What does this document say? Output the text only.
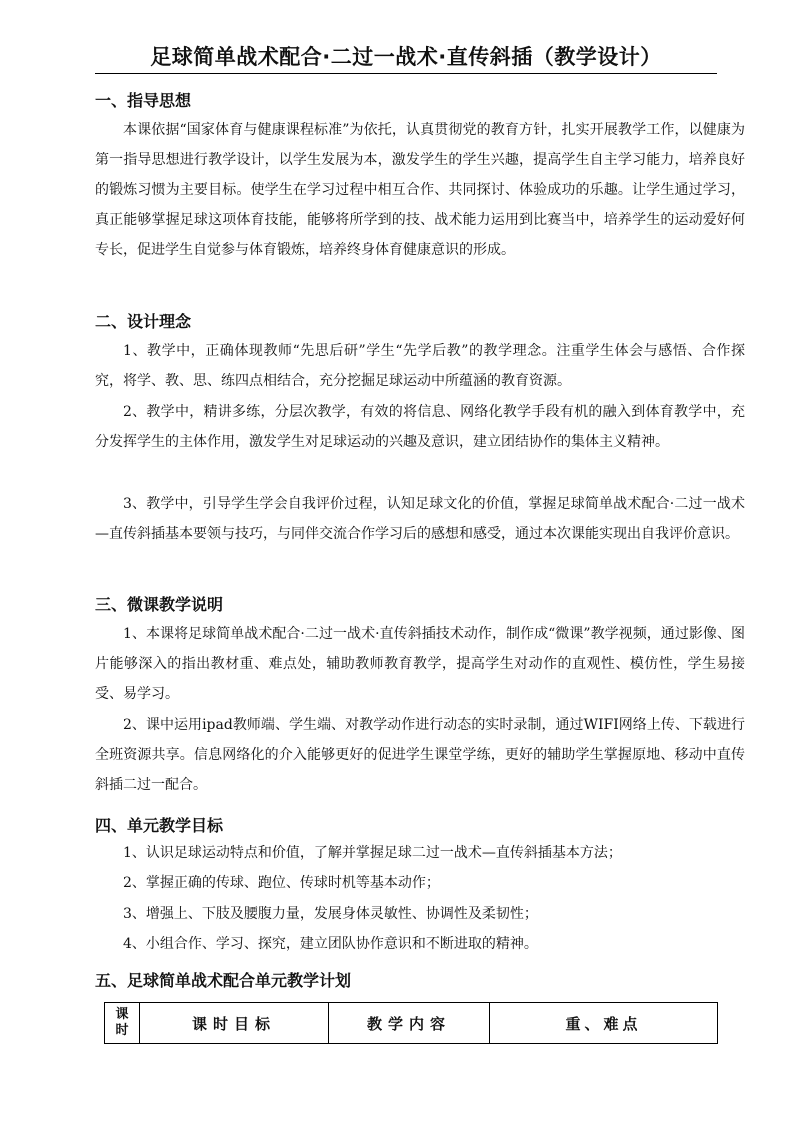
足球简单战术配合·二过一战术·直传斜插（教学设计）
一、指导思想
本课依据“国家体育与健康课程标准”为依托，认真贯彻党的教育方针，扎实开展教学工作，以健康为第一指导思想进行教学设计，以学生发展为本，激发学生的学生兴趣，提高学生自主学习能力，培养良好的锻炼习惯为主要目标。使学生在学习过程中相互合作、共同探讨、体验成功的乐趣。让学生通过学习，真正能够掌握足球这项体育技能，能够将所学到的技、战术能力运用到比赛当中，培养学生的运动爱好何专长，促进学生自觉参与体育锻炼，培养终身体育健康意识的形成。
二、设计理念
1、教学中，正确体现教师“先思后研”学生“先学后教”的教学理念。注重学生体会与感悟、合作探究，将学、教、思、练四点相结合，充分挖掘足球运动中所蕴涵的教育资源。
2、教学中，精讲多练，分层次教学，有效的将信息、网络化教学手段有机的融入到体育教学中，充分发挥学生的主体作用，激发学生对足球运动的兴趣及意识，建立团结协作的集体主义精神。
3、教学中，引导学生学会自我评价过程，认知足球文化的价值，掌握足球简单战术配合·二过一战术—直传斜插基本要领与技巧，与同伴交流合作学习后的感想和感受，通过本次课能实现出自我评价意识。
三、微课教学说明
1、本课将足球简单战术配合·二过一战术·直传斜插技术动作，制作成“微课”教学视频，通过影像、图片能够深入的指出教材重、难点处，辅助教师教育教学，提高学生对动作的直观性、模仿性，学生易接受、易学习。
2、课中运用ipad教师端、学生端、对教学动作进行动态的实时录制，通过WIFI网络上传、下载进行全班资源共享。信息网络化的介入能够更好的促进学生课堂学练，更好的辅助学生掌握原地、移动中直传斜插二过一配合。
四、单元教学目标
1、认识足球运动特点和价值，了解并掌握足球二过一战术—直传斜插基本方法；
2、掌握正确的传球、跑位、传球时机等基本动作；
3、增强上、下肢及腰腹力量，发展身体灵敏性、协调性及柔韧性；
4、小组合作、学习、探究，建立团队协作意识和不断进取的精神。
五、足球简单战术配合单元教学计划
课
时	课时目标	教学内容	重、难点
